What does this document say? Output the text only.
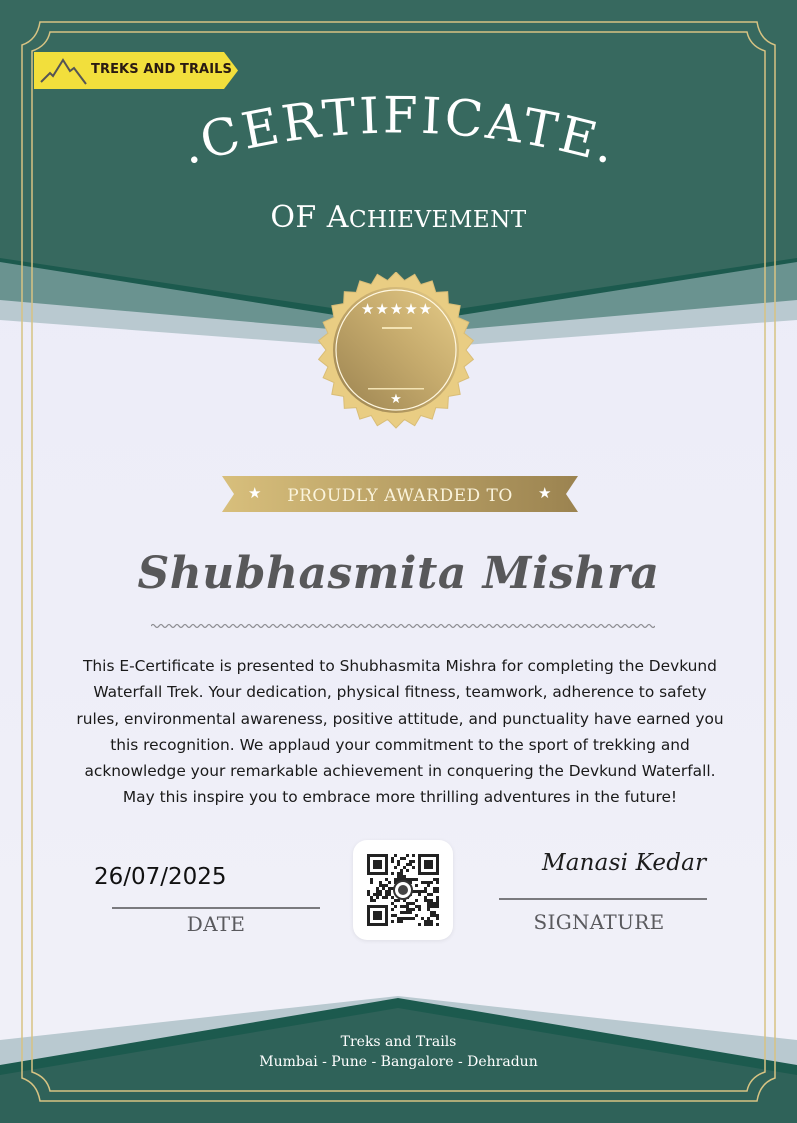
TREKS AND TRAILS
.CERTIFICATE.
OF ACHIEVEMENT
★★★★★
★
★	PROUDLY AWARDED TO	★
Shubhasmita Mishra
This E-Certificate is presented to Shubhasmita Mishra for completing the Devkund
Waterfall Trek. Your dedication, physical fitness, teamwork, adherence to safety
rules, environmental awareness, positive attitude, and punctuality have earned you
this recognition. We applaud your commitment to the sport of trekking and
acknowledge your remarkable achievement in conquering the Devkund Waterfall.
May this inspire you to embrace more thrilling adventures in the future!
26/07/2025
DATE
Manasi Kedar
SIGNATURE
Treks and Trails
Mumbai - Pune - Bangalore - Dehradun
